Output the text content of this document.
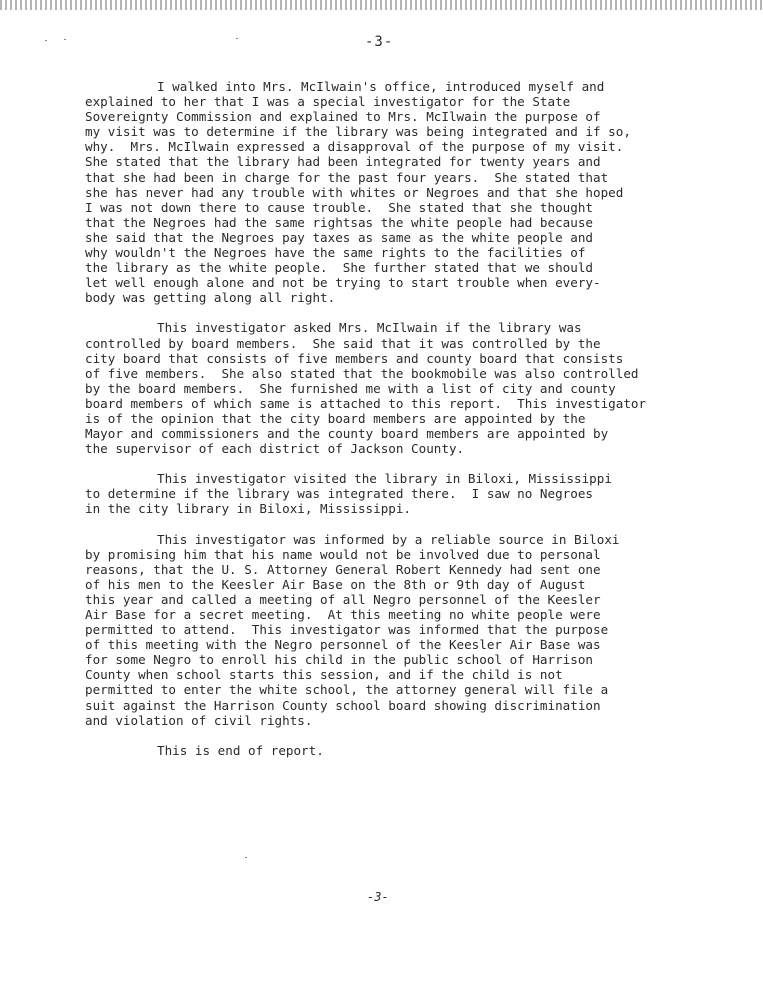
-3-
I walked into Mrs. McIlwain's office, introduced myself and
explained to her that I was a special investigator for the State
Sovereignty Commission and explained to Mrs. McIlwain the purpose of
my visit was to determine if the library was being integrated and if so,
why.  Mrs. McIlwain expressed a disapproval of the purpose of my visit.
She stated that the library had been integrated for twenty years and
that she had been in charge for the past four years.  She stated that
she has never had any trouble with whites or Negroes and that she hoped
I was not down there to cause trouble.  She stated that she thought
that the Negroes had the same rightsas the white people had because
she said that the Negroes pay taxes as same as the white people and
why wouldn't the Negroes have the same rights to the facilities of
the library as the white people.  She further stated that we should
let well enough alone and not be trying to start trouble when every-
body was getting along all right.
This investigator asked Mrs. McIlwain if the library was
controlled by board members.  She said that it was controlled by the
city board that consists of five members and county board that consists
of five members.  She also stated that the bookmobile was also controlled
by the board members.  She furnished me with a list of city and county
board members of which same is attached to this report.  This investigator
is of the opinion that the city board members are appointed by the
Mayor and commissioners and the county board members are appointed by
the supervisor of each district of Jackson County.
This investigator visited the library in Biloxi, Mississippi
to determine if the library was integrated there.  I saw no Negroes
in the city library in Biloxi, Mississippi.
This investigator was informed by a reliable source in Biloxi
by promising him that his name would not be involved due to personal
reasons, that the U. S. Attorney General Robert Kennedy had sent one
of his men to the Keesler Air Base on the 8th or 9th day of August
this year and called a meeting of all Negro personnel of the Keesler
Air Base for a secret meeting.  At this meeting no white people were
permitted to attend.  This investigator was informed that the purpose
of this meeting with the Negro personnel of the Keesler Air Base was
for some Negro to enroll his child in the public school of Harrison
County when school starts this session, and if the child is not
permitted to enter the white school, the attorney general will file a
suit against the Harrison County school board showing discrimination
and violation of civil rights.
This is end of report.
-3-
